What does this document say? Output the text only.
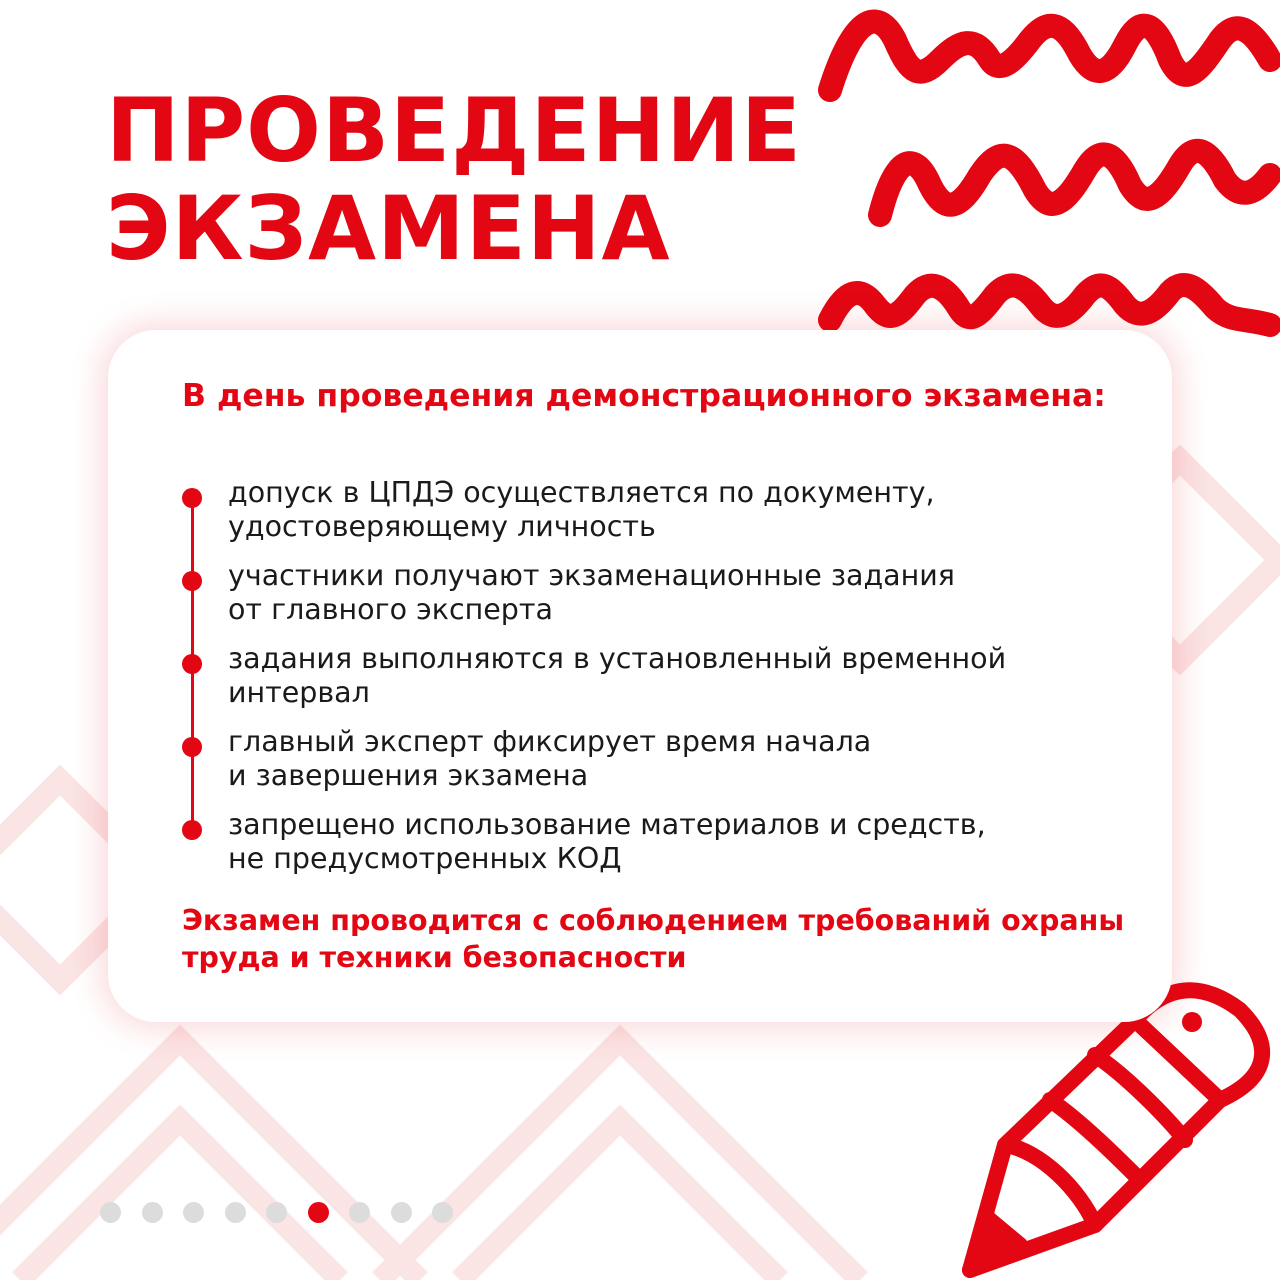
ПРОВЕДЕНИЕ
ЭКЗАМЕНА
В день проведения демонстрационного экзамена:
допуск в ЦПДЭ осуществляется по документу,
удостоверяющему личность
участники получают экзаменационные задания
от главного эксперта
задания выполняются в установленный временной
интервал
главный эксперт фиксирует время начала
и завершения экзамена
запрещено использование материалов и средств,
не предусмотренных КОД

Экзамен проводится с соблюдением требований охраны
труда и техники безопасности
